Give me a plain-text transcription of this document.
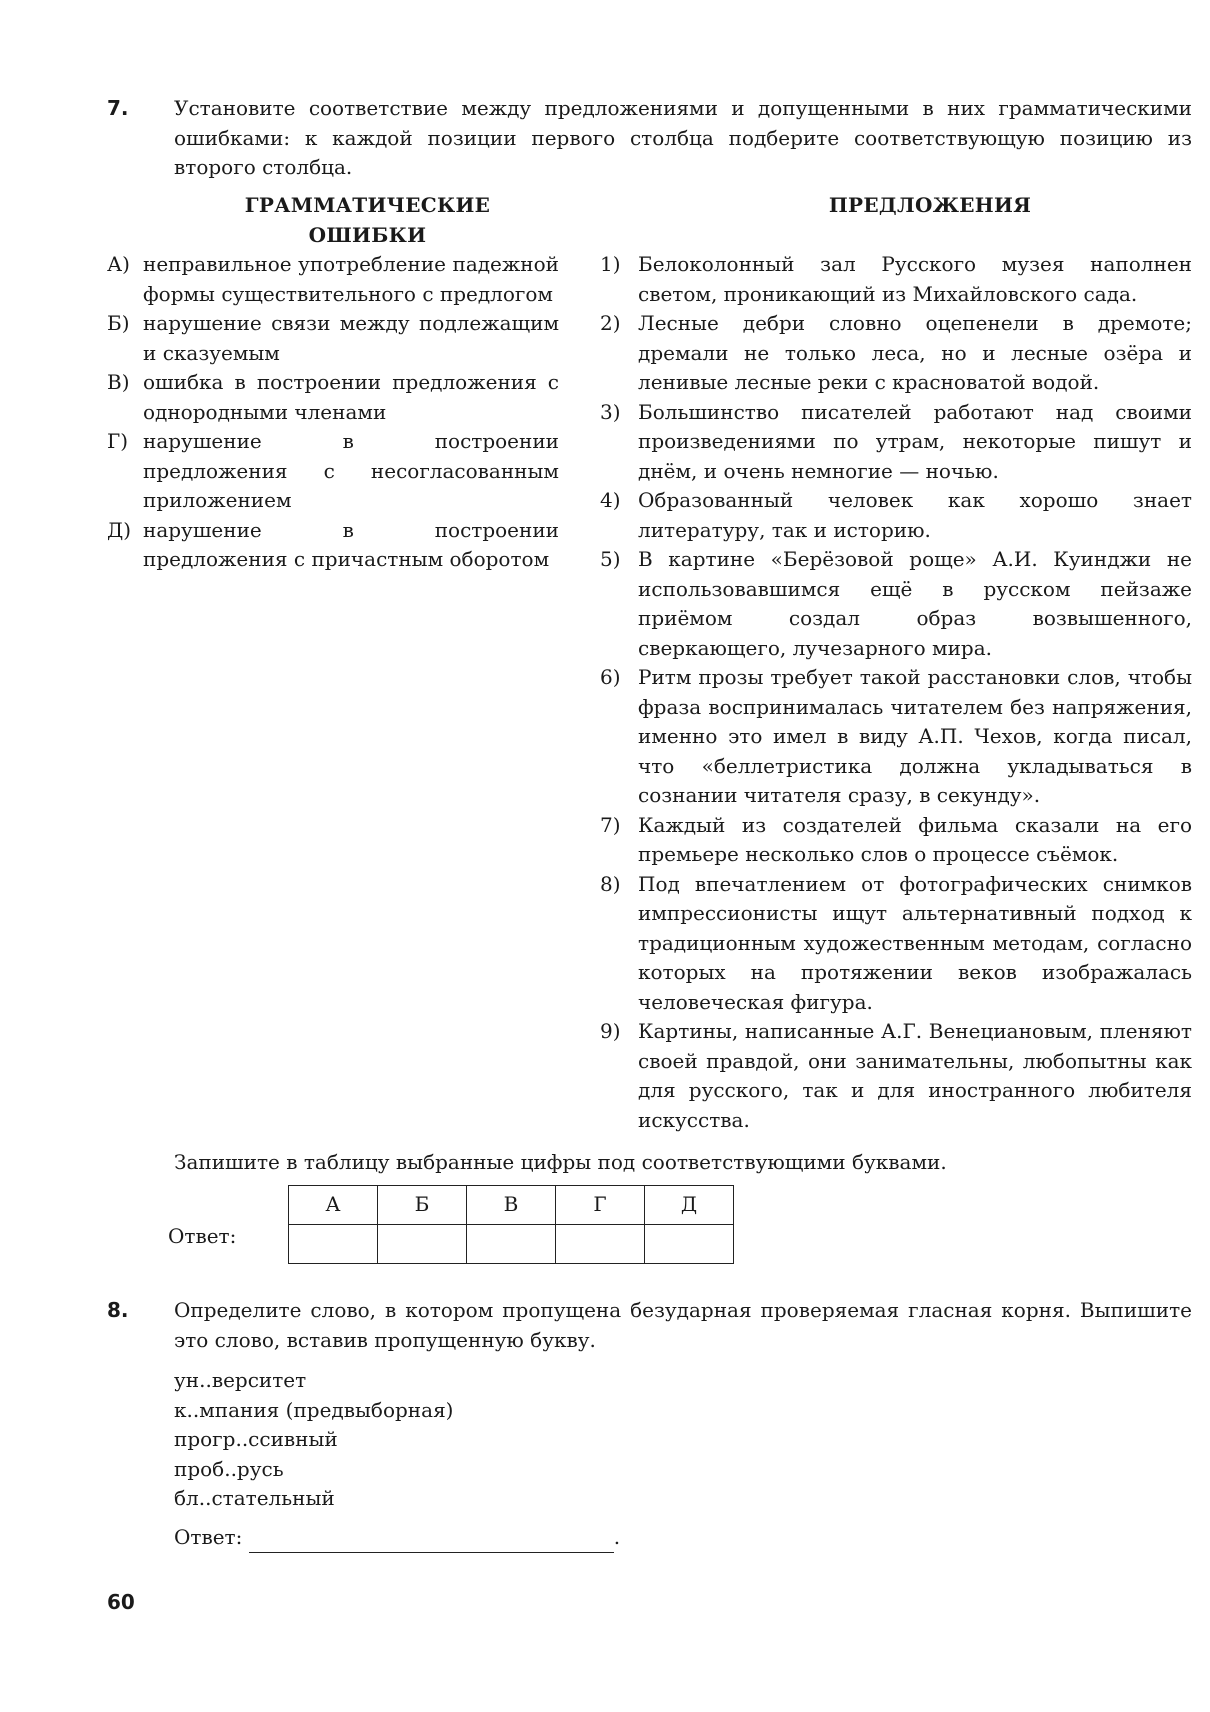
7. Установите соответствие между предложениями и допущенными в них грамматическими ошибками: к каждой позиции первого столбца подберите соответствующую позицию из второго столбца.
ГРАММАТИЧЕСКИЕ ОШИБКИ
ПРЕДЛОЖЕНИЯ
А) неправильное употребление падежной формы существительного с предлогом
Б) нарушение связи между подлежащим и сказуемым
В) ошибка в построении предложения с однородными членами
Г) нарушение в построении предложения с несогласованным приложением
Д) нарушение в построении предложения с причастным оборотом
1) Белоколонный зал Русского музея наполнен светом, проникающий из Михайловского сада.
2) Лесные дебри словно оцепенели в дремоте; дремали не только леса, но и лесные озёра и ленивые лесные реки с красноватой водой.
3) Большинство писателей работают над своими произведениями по утрам, некоторые пишут и днём, и очень немногие — ночью.
4) Образованный человек как хорошо знает литературу, так и историю.
5) В картине «Берёзовой роще» А.И. Куинджи не использовавшимся ещё в русском пейзаже приёмом создал образ возвышенного, сверкающего, лучезарного мира.
6) Ритм прозы требует такой расстановки слов, чтобы фраза воспринималась читателем без напряжения, именно это имел в виду А.П. Чехов, когда писал, что «беллетристика должна укладываться в сознании читателя сразу, в секунду».
7) Каждый из создателей фильма сказали на его премьере несколько слов о процессе съёмок.
8) Под впечатлением от фотографических снимков импрессионисты ищут альтернативный подход к традиционным художественным методам, согласно которых на протяжении веков изображалась человеческая фигура.
9) Картины, написанные А.Г. Венециановым, пленяют своей правдой, они занимательны, любопытны как для русского, так и для иностранного любителя искусства.
Запишите в таблицу выбранные цифры под соответствующими буквами.
Ответ:
А	Б	В	Г	Д

8. Определите слово, в котором пропущена безударная проверяемая гласная корня. Выпишите это слово, вставив пропущенную букву.
ун..верситет
к..мпания (предвыборная)
прогр..ссивный
проб..русь
бл..стательный
Ответ:	.
60
